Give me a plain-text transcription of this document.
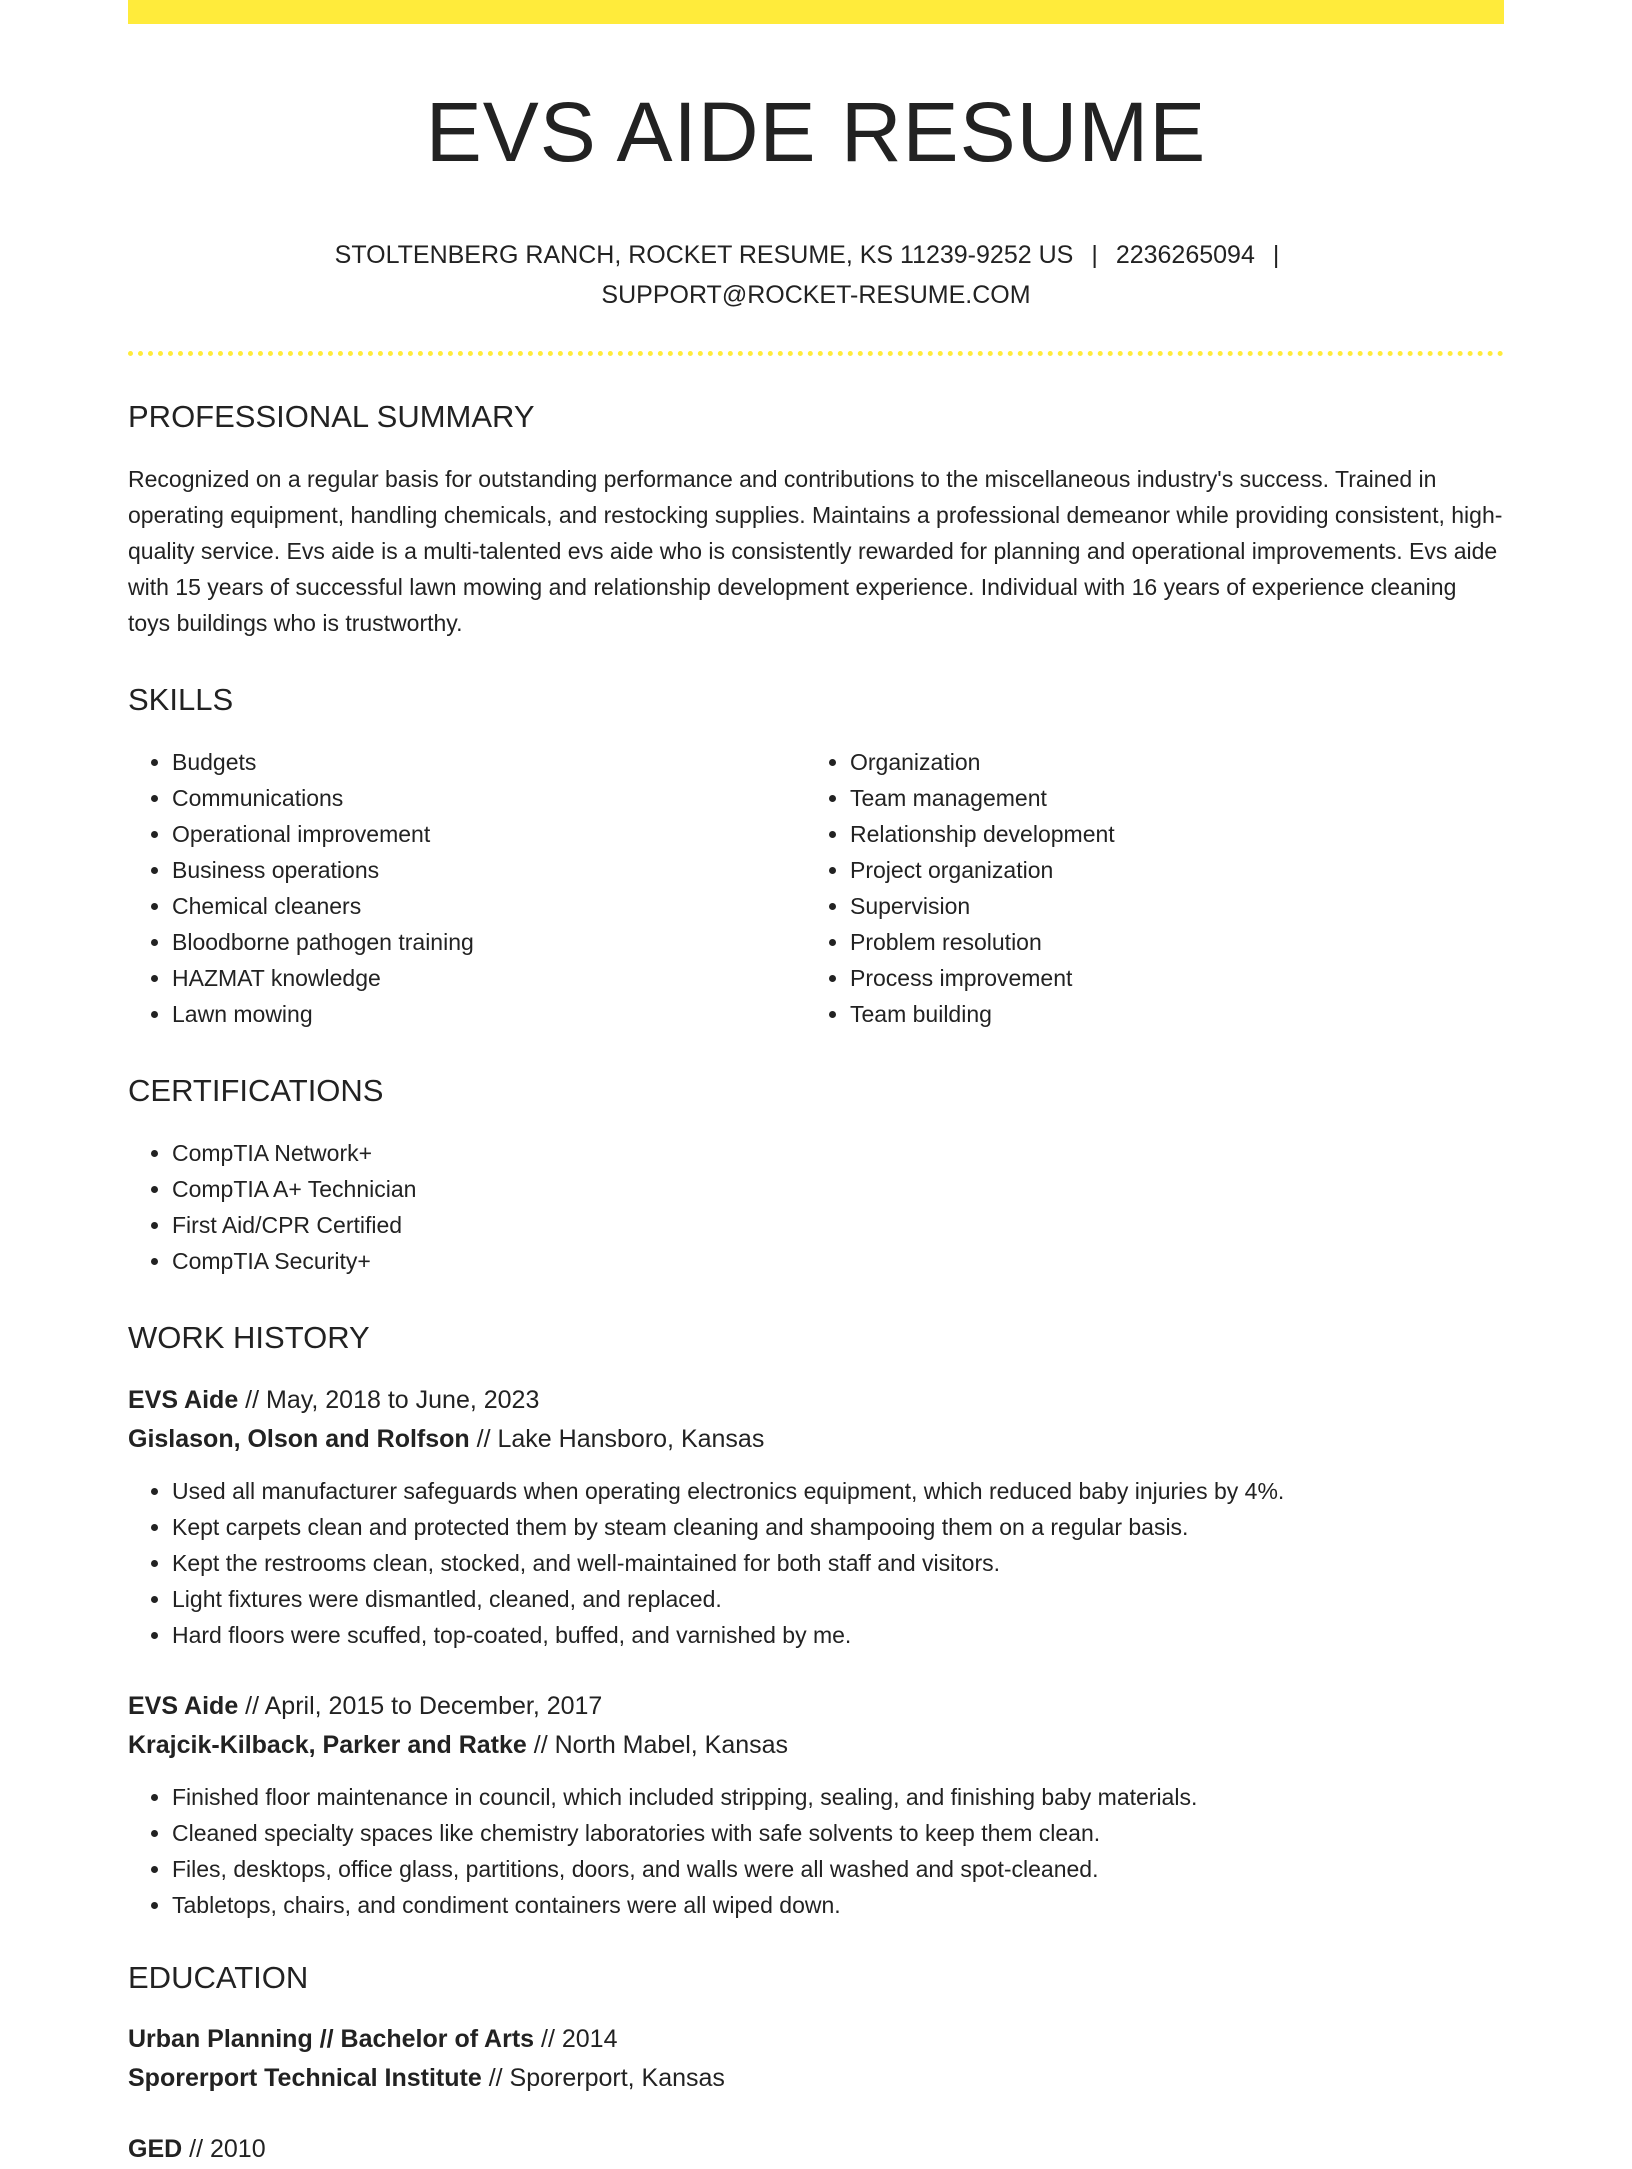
EVS AIDE RESUME
STOLTENBERG RANCH, ROCKET RESUME, KS 11239-9252 US | 2236265094 |
SUPPORT@ROCKET-RESUME.COM
PROFESSIONAL SUMMARY

Recognized on a regular basis for outstanding performance and contributions to the miscellaneous industry's success. Trained in operating equipment, handling chemicals, and restocking supplies. Maintains a professional demeanor while providing consistent, high-quality service. Evs aide is a multi-talented evs aide who is consistently rewarded for planning and operational improvements. Evs aide with 15 years of successful lawn mowing and relationship development experience. Individual with 16 years of experience cleaning toys buildings who is trustworthy.

SKILLS
• Budgets
• Communications
• Operational improvement
• Business operations
• Chemical cleaners
• Bloodborne pathogen training
• HAZMAT knowledge
• Lawn mowing
• Organization
• Team management
• Relationship development
• Project organization
• Supervision
• Problem resolution
• Process improvement
• Team building
CERTIFICATIONS
• CompTIA Network+
• CompTIA A+ Technician
• First Aid/CPR Certified
• CompTIA Security+
WORK HISTORY
EVS Aide // May, 2018 to June, 2023
Gislason, Olson and Rolfson // Lake Hansboro, Kansas
• Used all manufacturer safeguards when operating electronics equipment, which reduced baby injuries by 4%.
• Kept carpets clean and protected them by steam cleaning and shampooing them on a regular basis.
• Kept the restrooms clean, stocked, and well-maintained for both staff and visitors.
• Light fixtures were dismantled, cleaned, and replaced.
• Hard floors were scuffed, top-coated, buffed, and varnished by me.
EVS Aide // April, 2015 to December, 2017
Krajcik-Kilback, Parker and Ratke // North Mabel, Kansas
• Finished floor maintenance in council, which included stripping, sealing, and finishing baby materials.
• Cleaned specialty spaces like chemistry laboratories with safe solvents to keep them clean.
• Files, desktops, office glass, partitions, doors, and walls were all washed and spot-cleaned.
• Tabletops, chairs, and condiment containers were all wiped down.
EDUCATION
Urban Planning // Bachelor of Arts // 2014
Sporerport Technical Institute // Sporerport, Kansas
GED // 2010
